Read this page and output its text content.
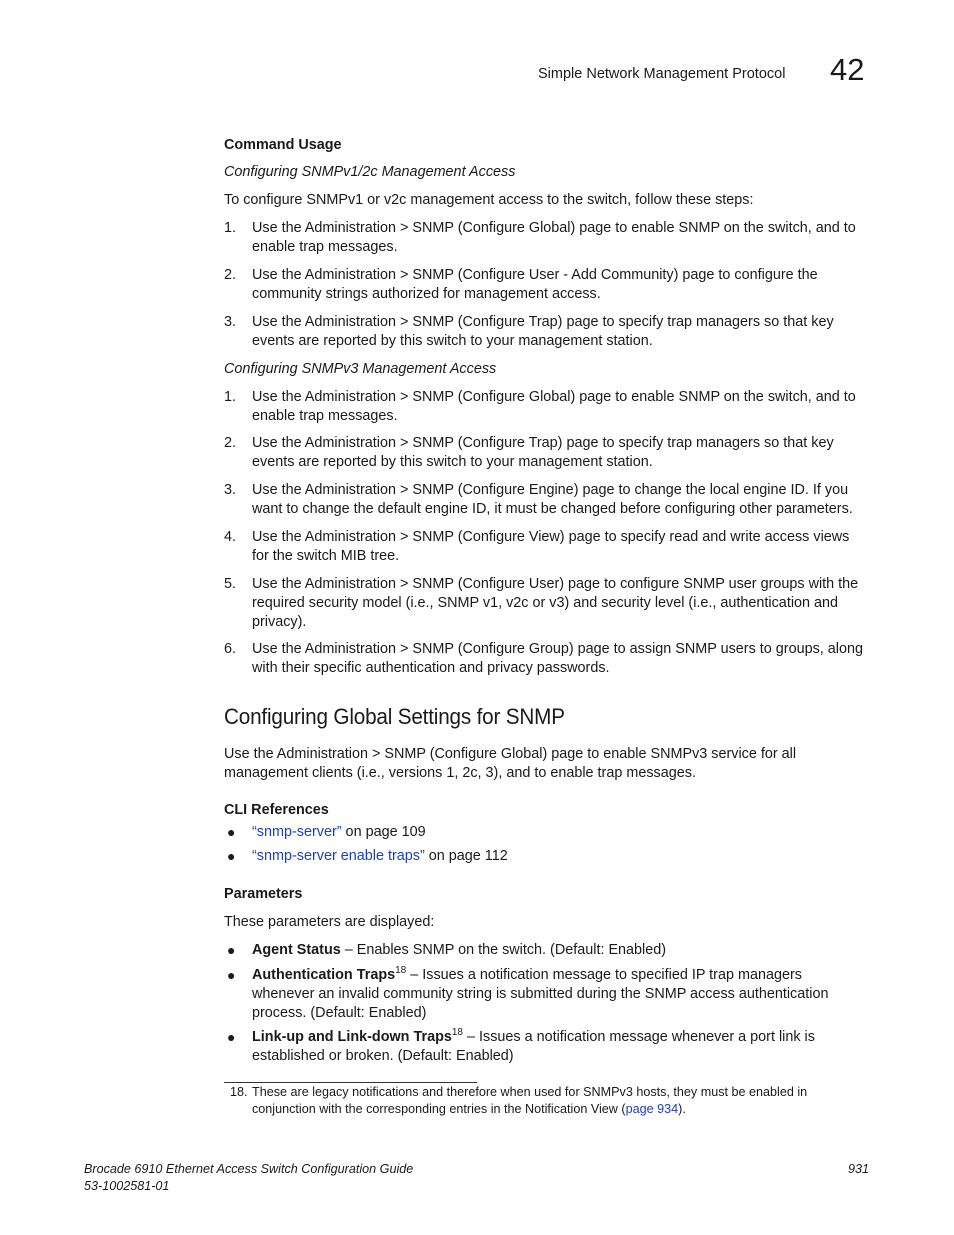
Simple Network Management Protocol 42
Command Usage
Configuring SNMPv1/2c Management Access
To configure SNMPv1 or v2c management access to the switch, follow these steps:
1. Use the Administration > SNMP (Configure Global) page to enable SNMP on the switch, and to
enable trap messages.
2. Use the Administration > SNMP (Configure User - Add Community) page to configure the
community strings authorized for management access.
3. Use the Administration > SNMP (Configure Trap) page to specify trap managers so that key
events are reported by this switch to your management station.
Configuring SNMPv3 Management Access
1. Use the Administration > SNMP (Configure Global) page to enable SNMP on the switch, and to
enable trap messages.
2. Use the Administration > SNMP (Configure Trap) page to specify trap managers so that key
events are reported by this switch to your management station.
3. Use the Administration > SNMP (Configure Engine) page to change the local engine ID. If you
want to change the default engine ID, it must be changed before configuring other parameters.
4. Use the Administration > SNMP (Configure View) page to specify read and write access views
for the switch MIB tree.
5. Use the Administration > SNMP (Configure User) page to configure SNMP user groups with the
required security model (i.e., SNMP v1, v2c or v3) and security level (i.e., authentication and
privacy).
6. Use the Administration > SNMP (Configure Group) page to assign SNMP users to groups, along
with their specific authentication and privacy passwords.
Configuring Global Settings for SNMP
Use the Administration > SNMP (Configure Global) page to enable SNMPv3 service for all
management clients (i.e., versions 1, 2c, 3), and to enable trap messages.
CLI References
● “snmp-server” on page 109
● “snmp-server enable traps” on page 112
Parameters
These parameters are displayed:
● Agent Status – Enables SNMP on the switch. (Default: Enabled)
● Authentication Traps$^{18}$ – Issues a notification message to specified IP trap managers
whenever an invalid community string is submitted during the SNMP access authentication
process. (Default: Enabled)
● Link-up and Link-down Traps$^{18}$ – Issues a notification message whenever a port link is
established or broken. (Default: Enabled)
18. These are legacy notifications and therefore when used for SNMPv3 hosts, they must be enabled in
conjunction with the corresponding entries in the Notification View (page 934).
Brocade 6910 Ethernet Access Switch Configuration Guide
53-1002581-01
931
